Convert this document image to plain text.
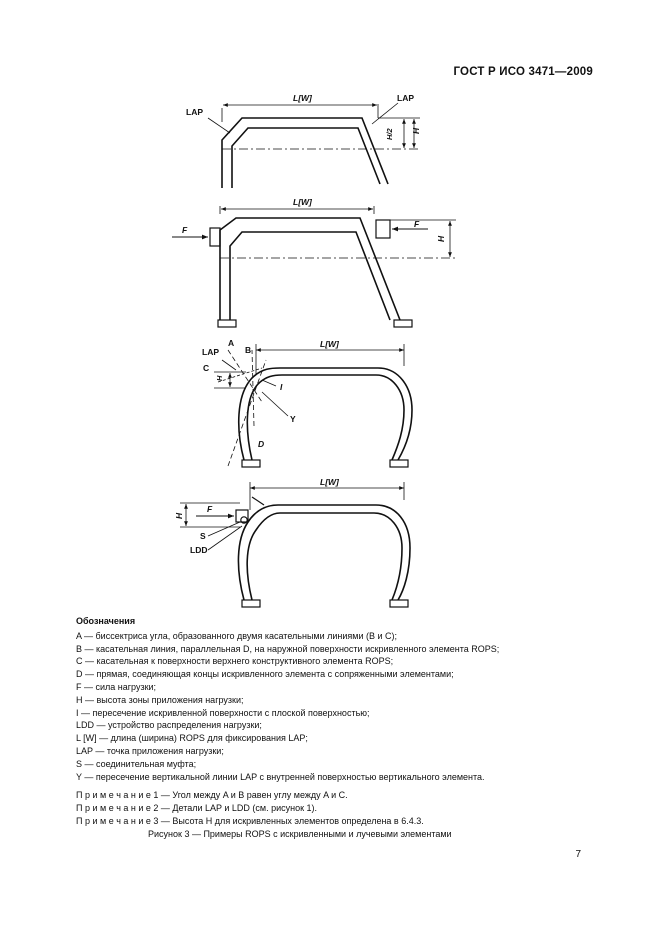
ГОСТ Р ИСО 3471—2009
LAP
L[W]	LAP
H/2 H
L[W]
F
F
H
LAP
A
B
C
H
L[W]
I
Y
D
L[W]
F
H
S
LDD
Обозначения
A — биссектриса угла, образованного двумя касательными линиями (B и C);
B — касательная линия, параллельная D, на наружной поверхности искривленного элемента ROPS;
C — касательная к поверхности верхнего конструктивного элемента ROPS;
D — прямая, соединяющая концы искривленного элемента с сопряженными элементами;
F — сила нагрузки;
H — высота зоны приложения нагрузки;
I — пересечение искривленной поверхности с плоской поверхностью;
LDD — устройство распределения нагрузки;
L [W] — длина (ширина) ROPS для фиксирования LAP;
LAP — точка приложения нагрузки;
S — соединительная муфта;
Y — пересечение вертикальной линии LAP с внутренней поверхностью вертикального элемента.
П р и м е ч а н и е 1 — Угол между A и B равен углу между A и C.
П р и м е ч а н и е 2 — Детали LAP и LDD (см. рисунок 1).
П р и м е ч а н и е 3 — Высота H для искривленных элементов определена в 6.4.3.
Рисунок 3 — Примеры ROPS с искривленными и лучевыми элементами
7
